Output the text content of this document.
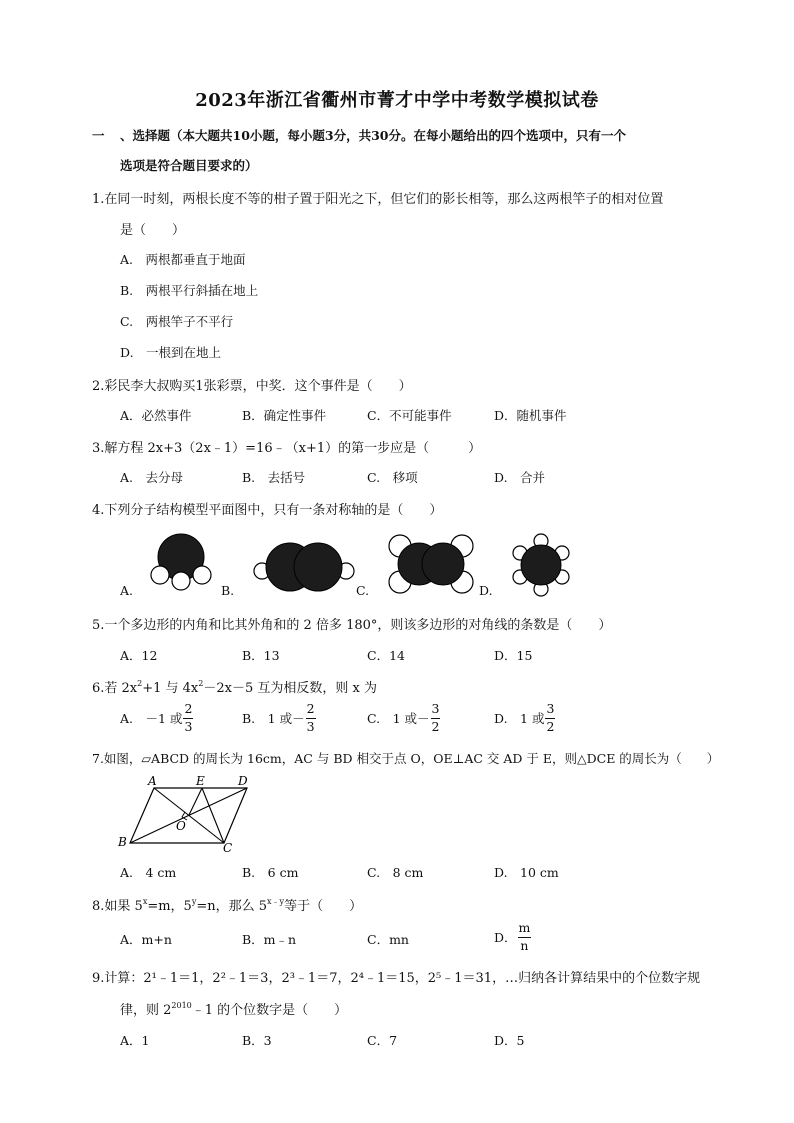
2023年浙江省衢州市菁才中学中考数学模拟试卷
一 、选择题（本大题共10小题，每小题3分，共30分。在每小题给出的四个选项中，只有一个
选项是符合题目要求的）
1.在同一时刻，两根长度不等的柑子置于阳光之下，但它们的影长相等，那么这两根竿子的相对位置
是（　　）
A.　两根都垂直于地面
B.　两根平行斜插在地上
C.　两根竿子不平行
D.　一根到在地上
2.彩民李大叔购买1张彩票，中奖．这个事件是（　　）
A．必然事件	B．确定性事件	C．不可能事件	D．随机事件
3.解方程 2x+3（2x﹣1）=16﹣（x+1）的第一步应是（　　　）
A.　去分母	B.　去括号	C.　移项	D.　合并
4.下列分子结构模型平面图中，只有一条对称轴的是（　　）
A.	B.	C.	D.
5.一个多边形的内角和比其外角和的 2 倍多 180°，则该多边形的对角线的条数是（　　）
A．12	B．13	C．14	D．15
6.若 $2x^2+1$ 与 $4x^2-2x-5$ 互为相反数，则 x 为
A.　－1 或 $\frac{2}{3}$	B.　1 或－ $\frac{2}{3}$	C.　1 或－ $\frac{3}{2}$	D.　1 或 $\frac{3}{2}$
7.如图，▱ABCD 的周长为 16cm，AC 与 BD 相交于点 O，OE⊥AC 交 AD 于 E，则△DCE 的周长为（　　）
A	E	D
B
O
C
A.　4 cm	B.　6 cm	C.　8 cm	D.　10 cm
8.如果 $5^x=m$，$5^y=n$，那么 $5^{x﹣y}$等于（　　）
A．m+n	B．m﹣n	C．mn	D． $\frac{m}{n}$
9.计算：2¹﹣1＝1，2²﹣1＝3，2³﹣1＝7，2⁴﹣1＝15，2⁵﹣1＝31，…归纳各计算结果中的个位数字规
律，则 $2^{2010}﹣1$ 的个位数字是（　　）
A．1	B．3	C．7	D．5
